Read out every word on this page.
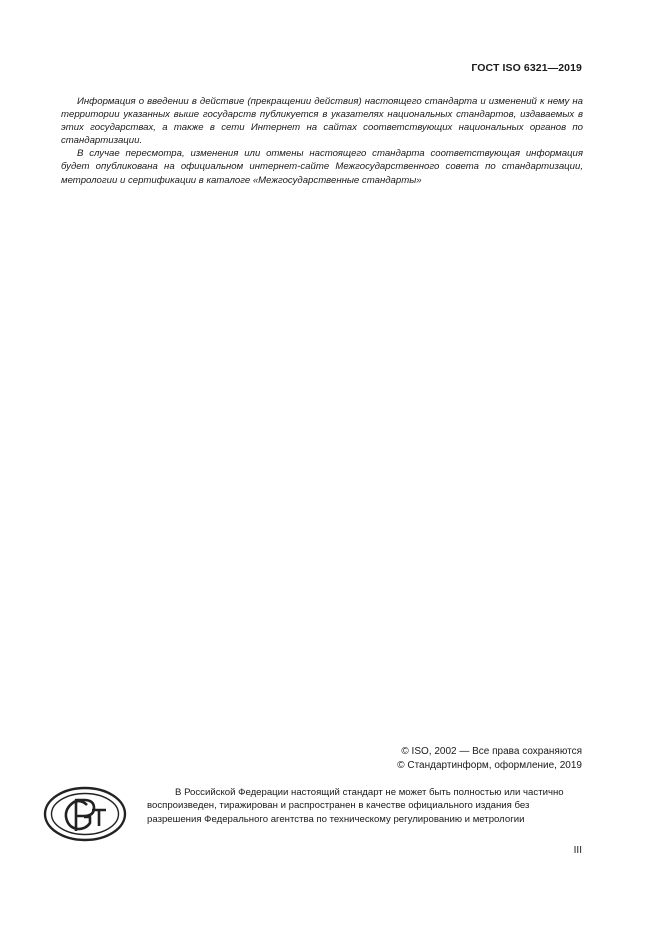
ГОСТ ISO 6321—2019

Информация о введении в действие (прекращении действия) настоящего стандарта и изменений к нему на территории указанных выше государств публикуется в указателях национальных стандартов, издаваемых в этих государствах, а также в сети Интернет на сайтах соответствующих национальных органов по стандартизации.

В случае пересмотра, изменения или отмены настоящего стандарта соответствующая информация будет опубликована на официальном интернет-сайте Межгосударственного совета по стандартизации, метрологии и сертификации в каталоге «Межгосударственные стандарты»

© ISO, 2002 — Все права сохраняются
© Стандартинформ, оформление, 2019

В Российской Федерации настоящий стандарт не может быть полностью или частично воспроизведен, тиражирован и распространен в качестве официального издания без разрешения Федерального агентства по техническому регулированию и метрологии

III
